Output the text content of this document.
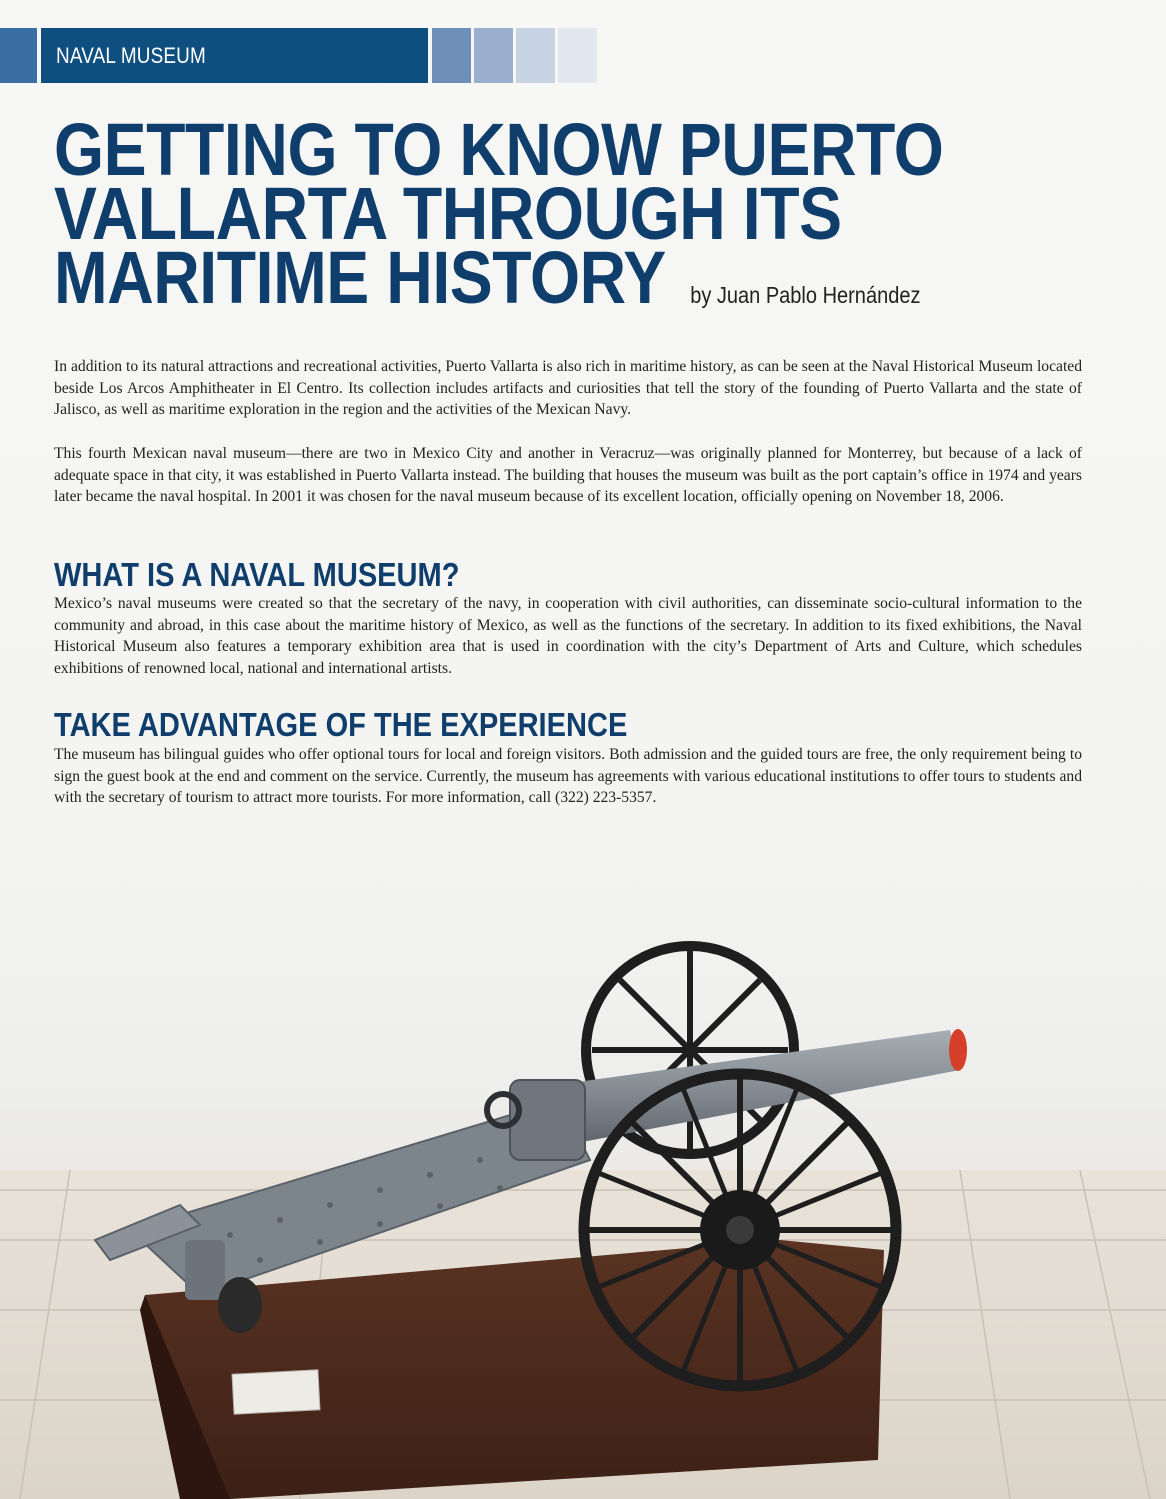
NAVAL MUSEUM
GETTING TO KNOW PUERTO
VALLARTA THROUGH ITS
MARITIME HISTORY by Juan Pablo Hernández

In addition to its natural attractions and recreational activities, Puerto Vallarta is also rich in maritime history, as can be seen at the Naval Historical Museum located beside Los Arcos Amphitheater in El Centro. Its collection includes artifacts and curiosities that tell the story of the founding of Puerto Vallarta and the state of Jalisco, as well as maritime exploration in the region and the activities of the Mexican Navy.

This fourth Mexican naval museum—there are two in Mexico City and another in Veracruz—was originally planned for Monterrey, but because of a lack of adequate space in that city, it was established in Puerto Vallarta instead. The building that houses the museum was built as the port captain’s office in 1974 and years later became the naval hospital. In 2001 it was chosen for the naval museum because of its excellent location, officially opening on November 18, 2006.

WHAT IS A NAVAL MUSEUM?

Mexico’s naval museums were created so that the secretary of the navy, in cooperation with civil authorities, can disseminate socio-cultural information to the community and abroad, in this case about the maritime history of Mexico, as well as the functions of the secretary. In addition to its fixed exhibitions, the Naval Historical Museum also features a temporary exhibition area that is used in coordination with the city’s Department of Arts and Culture, which schedules exhibitions of renowned local, national and international artists.

TAKE ADVANTAGE OF THE EXPERIENCE

The museum has bilingual guides who offer optional tours for local and foreign visitors. Both admission and the guided tours are free, the only requirement being to sign the guest book at the end and comment on the service. Currently, the museum has agreements with various educational institutions to offer tours to students and with the secretary of tourism to attract more tourists. For more information, call (322) 223-5357.
